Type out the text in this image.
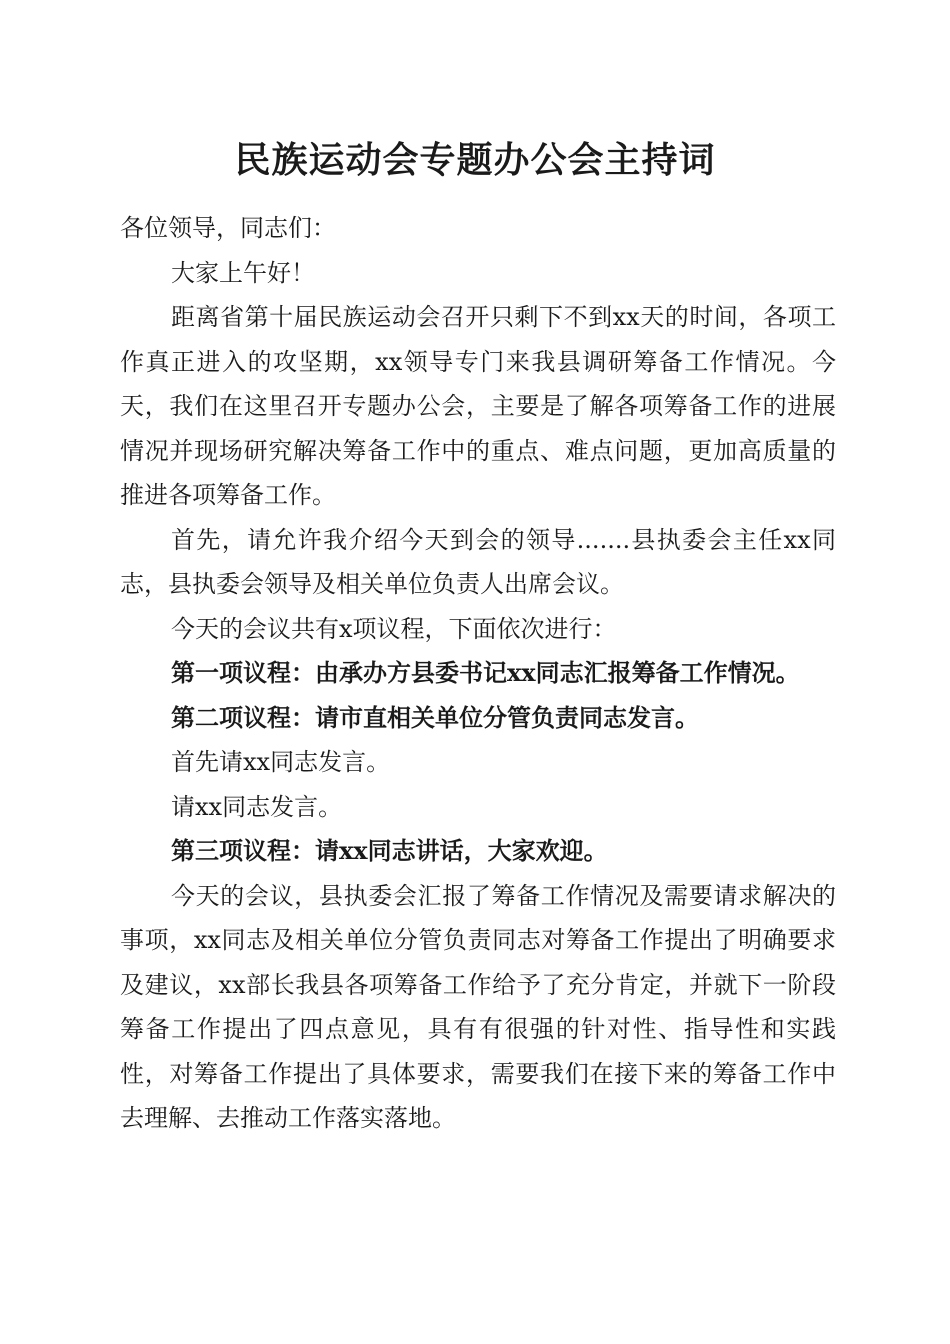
民族运动会专题办公会主持词

各位领导，同志们：

大家上午好！

距离省第十届民族运动会召开只剩下不到xx天的时间，各项工作真正进入的攻坚期，xx领导专门来我县调研筹备工作情况。今天，我们在这里召开专题办公会，主要是了解各项筹备工作的进展情况并现场研究解决筹备工作中的重点、难点问题，更加高质量的推进各项筹备工作。

首先，请允许我介绍今天到会的领导.......县执委会主任xx同志，县执委会领导及相关单位负责人出席会议。

今天的会议共有x项议程，下面依次进行：

第一项议程：由承办方县委书记xx同志汇报筹备工作情况。

第二项议程：请市直相关单位分管负责同志发言。

首先请xx同志发言。

请xx同志发言。

第三项议程：请xx同志讲话，大家欢迎。

今天的会议，县执委会汇报了筹备工作情况及需要请求解决的事项，xx同志及相关单位分管负责同志对筹备工作提出了明确要求及建议，xx部长我县各项筹备工作给予了充分肯定，并就下一阶段筹备工作提出了四点意见，具有有很强的针对性、指导性和实践性，对筹备工作提出了具体要求，需要我们在接下来的筹备工作中去理解、去推动工作落实落地。
